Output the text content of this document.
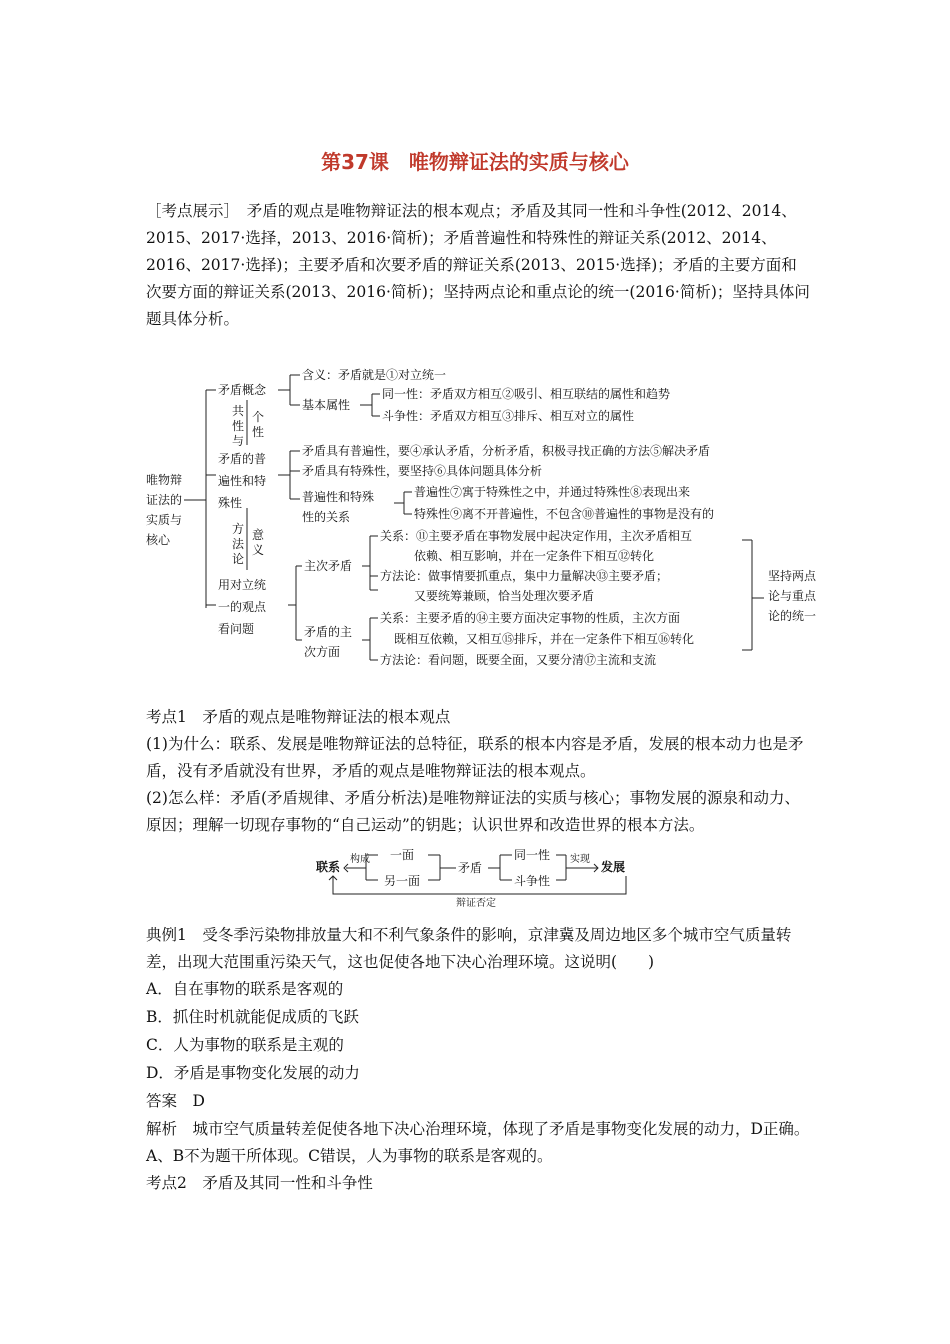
第37课　唯物辩证法的实质与核心
［考点展示］　矛盾的观点是唯物辩证法的根本观点；矛盾及其同一性和斗争性(2012、2014、2015、2017·选择，2013、2016·简析)；矛盾普遍性和特殊性的辩证关系(2012、2014、2016、2017·选择)；主要矛盾和次要矛盾的辩证关系(2013、2015·选择)；矛盾的主要方面和次要方面的辩证关系(2013、2016·简析)；坚持两点论和重点论的统一(2016·简析)；坚持具体问题具体分析。
唯物辩
证法的
实质与
核心
矛盾概念
共
性
与
个
性
矛盾的普
遍性和特
殊性
方
法
论
意
义
用对立统
一的观点
看问题
含义：矛盾就是①对立统一
基本属性
同一性：矛盾双方相互②吸引、相互联结的属性和趋势
斗争性：矛盾双方相互③排斥、相互对立的属性
矛盾具有普遍性，要④承认矛盾，分析矛盾，积极寻找正确的方法⑤解决矛盾
矛盾具有特殊性，要坚持⑥具体问题具体分析
普遍性和特殊
性的关系
普遍性⑦寓于特殊性之中，并通过特殊性⑧表现出来
特殊性⑨离不开普遍性，不包含⑩普遍性的事物是没有的
主次矛盾
关系：⑪主要矛盾在事物发展中起决定作用，主次矛盾相互
依赖、相互影响，并在一定条件下相互⑫转化
方法论：做事情要抓重点，集中力量解决⑬主要矛盾；
又要统筹兼顾，恰当处理次要矛盾
矛盾的主
次方面
关系：主要矛盾的⑭主要方面决定事物的性质，主次方面
既相互依赖，又相互⑮排斥，并在一定条件下相互⑯转化
方法论：看问题，既要全面，又要分清⑰主流和支流
坚持两点
论与重点
论的统一
考点1　矛盾的观点是唯物辩证法的根本观点
(1)为什么：联系、发展是唯物辩证法的总特征，联系的根本内容是矛盾，发展的根本动力也是矛盾，没有矛盾就没有世界，矛盾的观点是唯物辩证法的根本观点。
(2)怎么样：矛盾(矛盾规律、矛盾分析法)是唯物辩证法的实质与核心；事物发展的源泉和动力、原因；理解一切现存事物的“自己运动”的钥匙；认识世界和改造世界的根本方法。
联系
构成 一面
另一面
矛盾
同一性
斗争性
实现
发展
辩证否定
典例1　受冬季污染物排放量大和不利气象条件的影响，京津冀及周边地区多个城市空气质量转差，出现大范围重污染天气，这也促使各地下决心治理环境。这说明(　　)
A．自在事物的联系是客观的
B．抓住时机就能促成质的飞跃
C．人为事物的联系是主观的
D．矛盾是事物变化发展的动力
答案　D
解析　城市空气质量转差促使各地下决心治理环境，体现了矛盾是事物变化发展的动力，D正确。A、B不为题干所体现。C错误，人为事物的联系是客观的。
考点2　矛盾及其同一性和斗争性
